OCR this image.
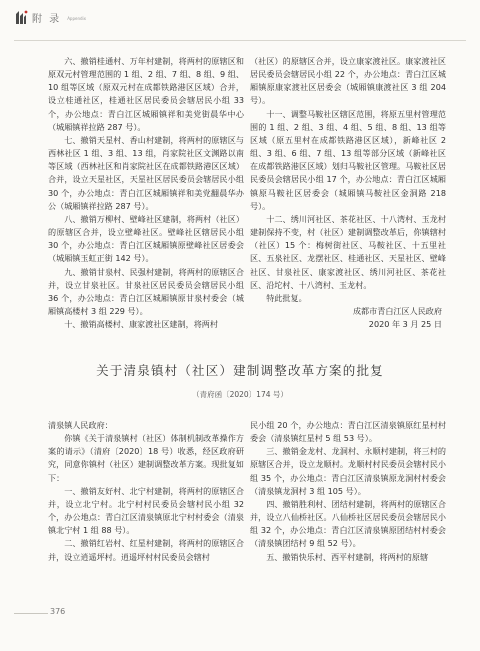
附 录 Appendix

六、撤销桂通村、万年村建制，将两村的原辖区和原双元村管理范围的 1 组、2 组、7 组、8 组、9 组、10 组等区域（原双元村在成都铁路港区区域）合并，设立桂通社区，桂通社区居民委员会辖居民小组 33 个，办公地点：青白江区城厢镇祥和美党街晨华中心（城厢镇祥拉路 287 号）。

七、撤销天星村、香山村建制，将两村的原辖区与西林社区 1 组、3 组、13 组，肖家院社区文渊路以南等区域（西林社区和肖家院社区在成都铁路港区区域）合并，设立天星社区，天星社区居民委员会辖居民小组 30 个，办公地点：青白江区城厢镇祥和美党翻晨华办公（城厢镇祥拉路 287 号）。

八、撤销万柳村、壁峰社区建制，将两村（社区）的原辖区合并，设立壁峰社区。壁峰社区辖居民小组 30 个，办公地点：青白江区城厢镇原壁峰社区居委会（城厢镇玉虹正街 142 号）。

九、撤销甘泉村、民强村建制，将两村的原辖区合并，设立甘泉社区。甘泉社区居民委员会辖居民小组 36 个，办公地点：青白江区城厢镇原甘泉村委会（城厢镇高楼村 3 组 229 号）。

十、撤销高楼村、康家渡社区建制，将两村

（社区）的原辖区合并，设立康家渡社区。康家渡社区居民委员会辖居民小组 22 个，办公地点：青白江区城厢镇原康家渡社区居委会（城厢镇康渡社区 3 组 204 号）。

十一、调整马鞍社区辖区范围，将原五里村管理范围的 1 组、2 组、3 组、4 组、5 组、8 组、13 组等区域（原五里村在成都铁路港区区域），新峰社区 2 组、3 组、6 组、7 组、13 组等部分区域（新峰社区在成都铁路港区区域）划归马鞍社区管理。马鞍社区居民委员会辖居民小组 17 个，办公地点：青白江区城厢镇原马鞍社区居委会（城厢镇马鞍社区金洞路 218 号）。

十二、绣川河社区、茶花社区、十八湾村、玉龙村建制保持不变，村（社区）建制调整改革后，你镇辖村（社区）15 个：梅树街社区、马鞍社区、十五里社区、五泉社区、龙摆社区、桂通社区、天星社区、壁峰社区、甘泉社区、康家渡社区、绣川河社区、茶花社区、沿坨村、十八湾村、玉龙村。

特此批复。

成都市青白江区人民政府

2020 年 3 月 25 日

关于清泉镇村（社区）建制调整改革方案的批复
（青府函〔2020〕174 号）

清泉镇人民政府：

你镇《关于清泉镇村（社区）体制机制改革操作方案的请示》（清府〔2020〕18 号）收悉，经区政府研究，同意你镇村（社区）建制调整改革方案。现批复如下：

一、撤销友好村、北宁村建制，将两村的原辖区合并，设立北宁村。北宁村村民委员会辖村民小组 32 个，办公地点：青白江区清泉镇原北宁村村委会（清泉镇北宁村 1 组 88 号）。

二、撤销红岩村、红星村建制，将两村的原辖区合并，设立逍遥坪村。逍遥坪村村民委员会辖村

民小组 20 个，办公地点：青白江区清泉镇原红星村村委会（清泉镇红星村 5 组 53 号）。

三、撤销金龙村、龙洞村、永顺村建制，将三村的原辖区合并，设立龙顺村。龙顺村村民委员会辖村民小组 35 个，办公地点：青白江区清泉镇原龙洞村村委会（清泉镇龙洞村 3 组 105 号）。

四、撤销胜利村、团结村建制，将两村的原辖区合并，设立八仙桥社区。八仙桥社区居民委员会辖居民小组 32 个，办公地点：青白江区清泉镇原团结村村委会（清泉镇团结村 9 组 52 号）。

五、撤销快乐村、西平村建制，将两村的原辖

376
